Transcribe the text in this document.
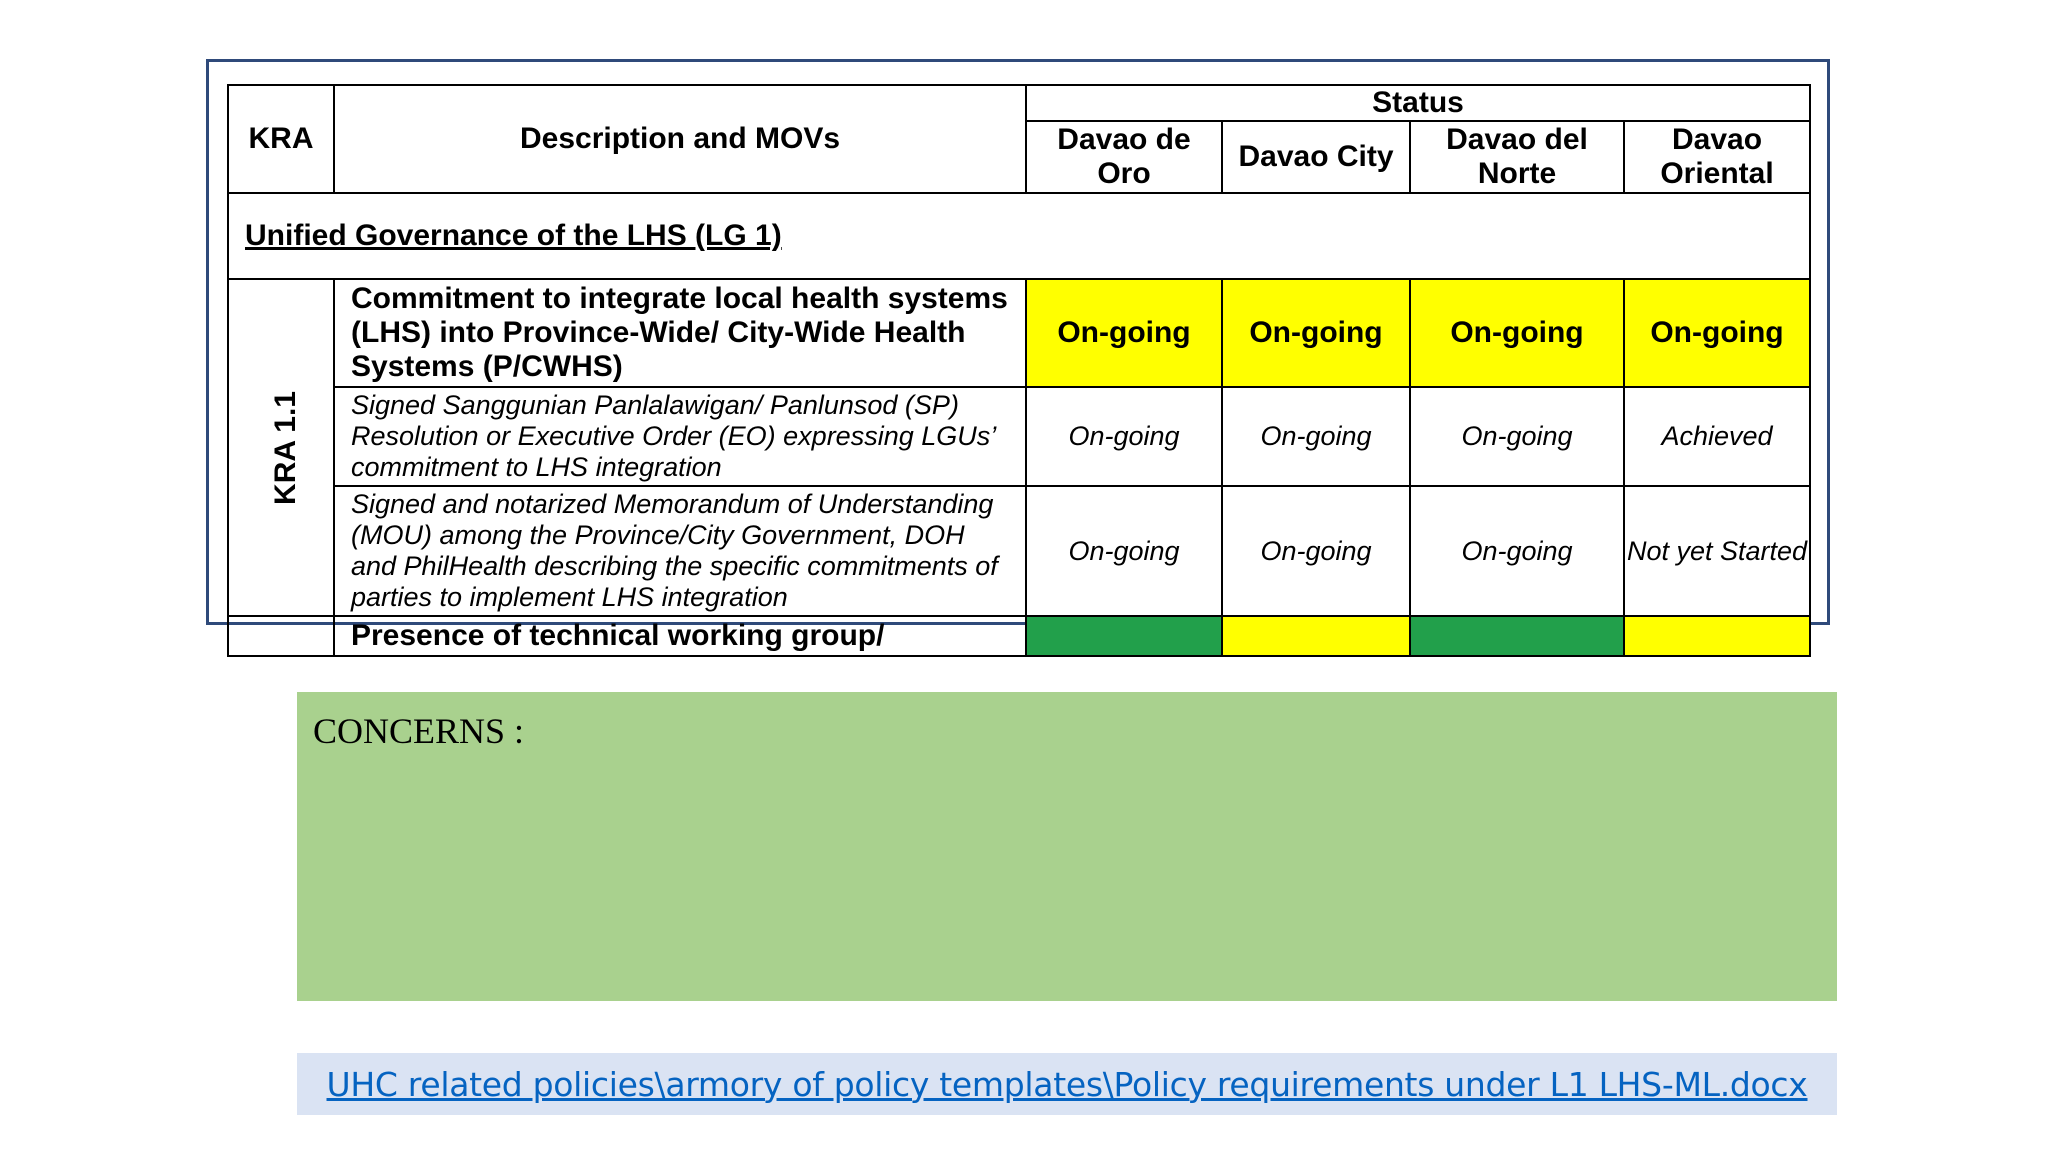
KRA	Description and MOVs	Status			
		Davao de Oro	Davao City	Davao del Norte	Davao Oriental
Unified Governance of the LHS (LG 1)					
KRA 1.1	Commitment to integrate local health systems (LHS) into Province-Wide/ City-Wide Health Systems (P/CWHS)	On-going	On-going	On-going	On-going
	Signed Sanggunian Panlalawigan/ Panlunsod (SP) Resolution or Executive Order (EO) expressing LGUs’ commitment to LHS integration	On-going	On-going	On-going	Achieved
	Signed and notarized Memorandum of Understanding (MOU) among the Province/City Government, DOH and PhilHealth describing the specific commitments of parties to implement LHS integration	On-going	On-going	On-going	Not yet Started
	Presence of technical working group/				
CONCERNS :
UHC related policies\armory of policy templates\Policy requirements under L1 LHS-ML.docx
